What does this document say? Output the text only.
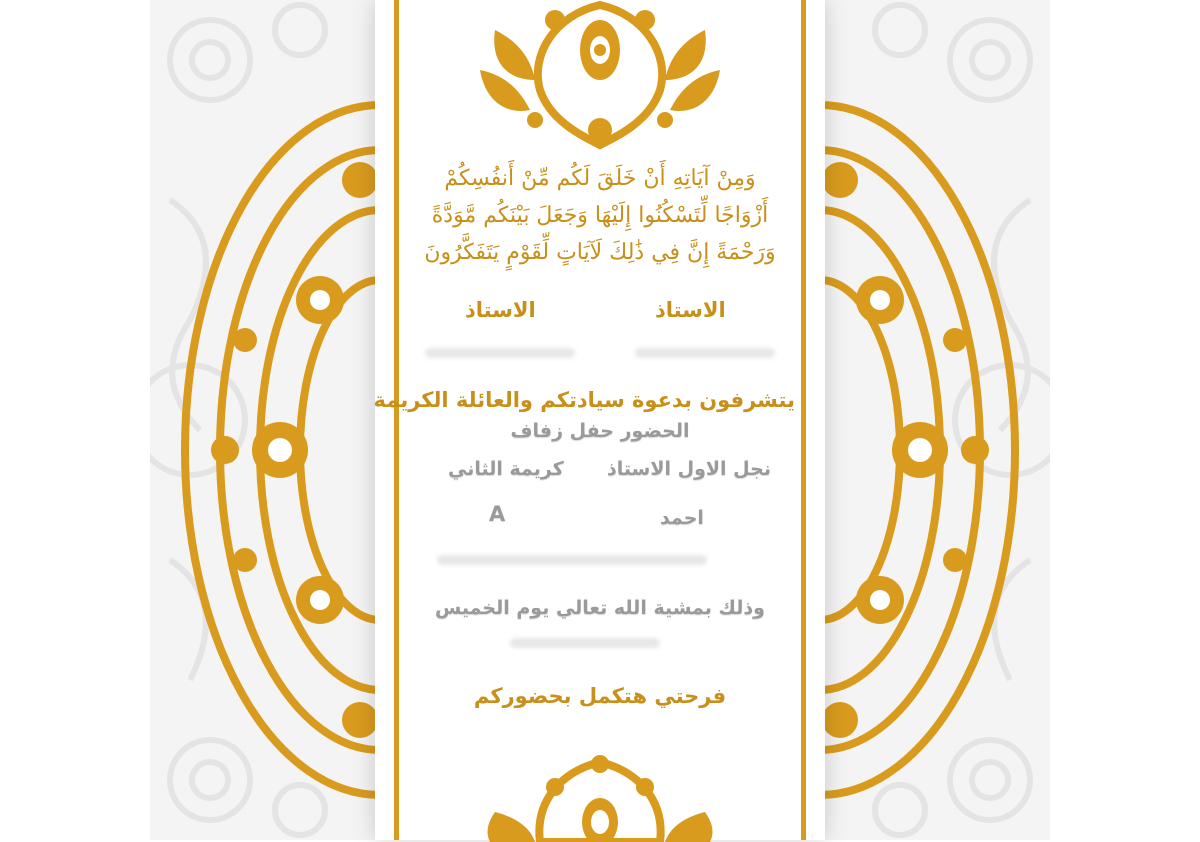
وَمِنْ آيَاتِهِ أَنْ خَلَقَ لَكُم مِّنْ أَنفُسِكُمْ أَزْوَاجًا لِّتَسْكُنُوا إِلَيْهَا وَجَعَلَ بَيْنَكُم مَّوَدَّةً وَرَحْمَةً إِنَّ فِي ذَٰلِكَ لَآيَاتٍ لِّقَوْمٍ يَتَفَكَّرُونَ
الاستاذ
الاستاذ
يتشرفون بدعوة سيادتكم والعائلة الكريمة
الحضور حفل زفاف
نجل الاول الاستاذ
كريمة الثاني
احمد
A
وذلك بمشية الله تعالي يوم الخميس
فرحتي هتكمل بحضوركم
